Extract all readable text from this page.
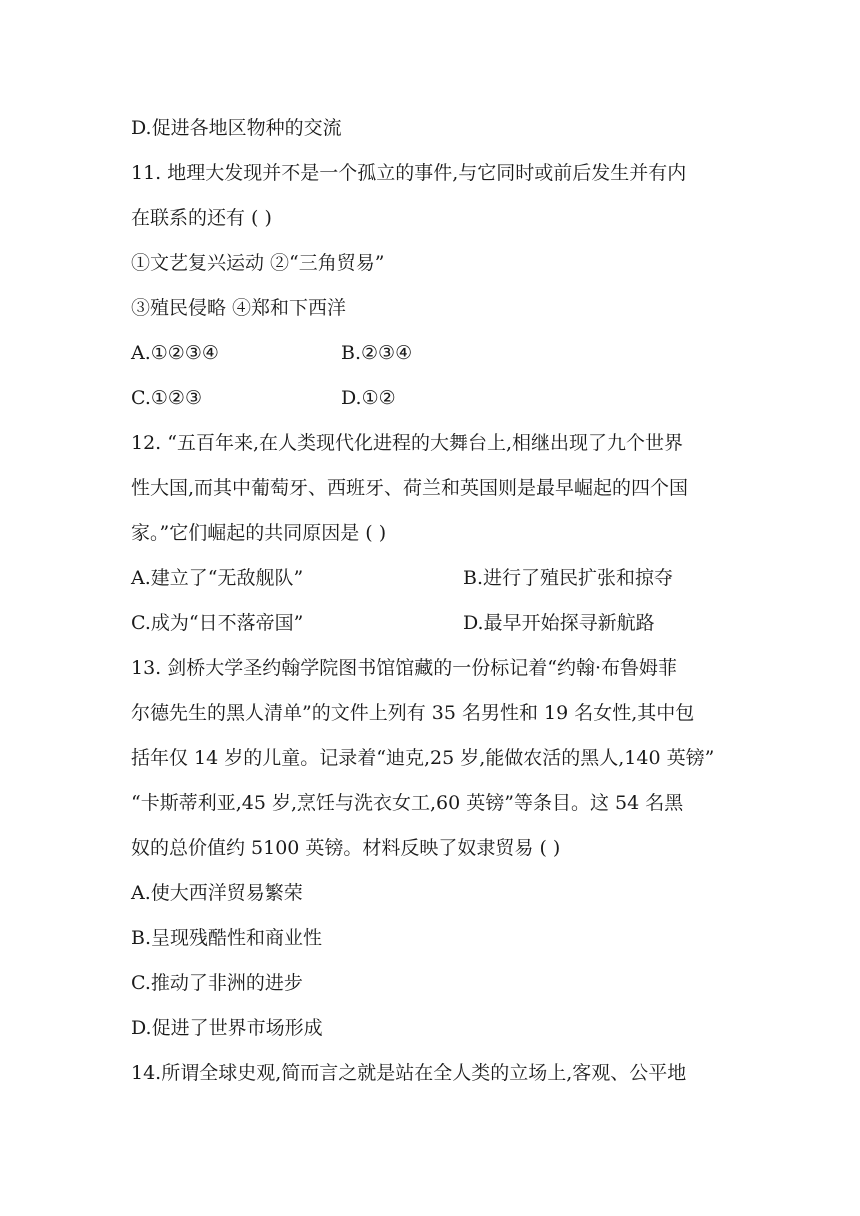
D.促进各地区物种的交流
11. 地理大发现并不是一个孤立的事件,与它同时或前后发生并有内
在联系的还有 ( )
①文艺复兴运动 ②“三角贸易”
③殖民侵略 ④郑和下西洋
A.①②③④	B.②③④
C.①②③	D.①②
12. “五百年来,在人类现代化进程的大舞台上,相继出现了九个世界
性大国,而其中葡萄牙、西班牙、荷兰和英国则是最早崛起的四个国
家。”它们崛起的共同原因是 ( )
A.建立了“无敌舰队”	B.进行了殖民扩张和掠夺
C.成为“日不落帝国”	D.最早开始探寻新航路
13. 剑桥大学圣约翰学院图书馆馆藏的一份标记着“约翰·布鲁姆菲
尔德先生的黑人清单”的文件上列有 35 名男性和 19 名女性,其中包
括年仅 14 岁的儿童。记录着“迪克,25 岁,能做农活的黑人,140 英镑”
“卡斯蒂利亚,45 岁,烹饪与洗衣女工,60 英镑”等条目。这 54 名黑
奴的总价值约 5100 英镑。材料反映了奴隶贸易 ( )
A.使大西洋贸易繁荣
B.呈现残酷性和商业性
C.推动了非洲的进步
D.促进了世界市场形成
14.所谓全球史观,简而言之就是站在全人类的立场上,客观、公平地
